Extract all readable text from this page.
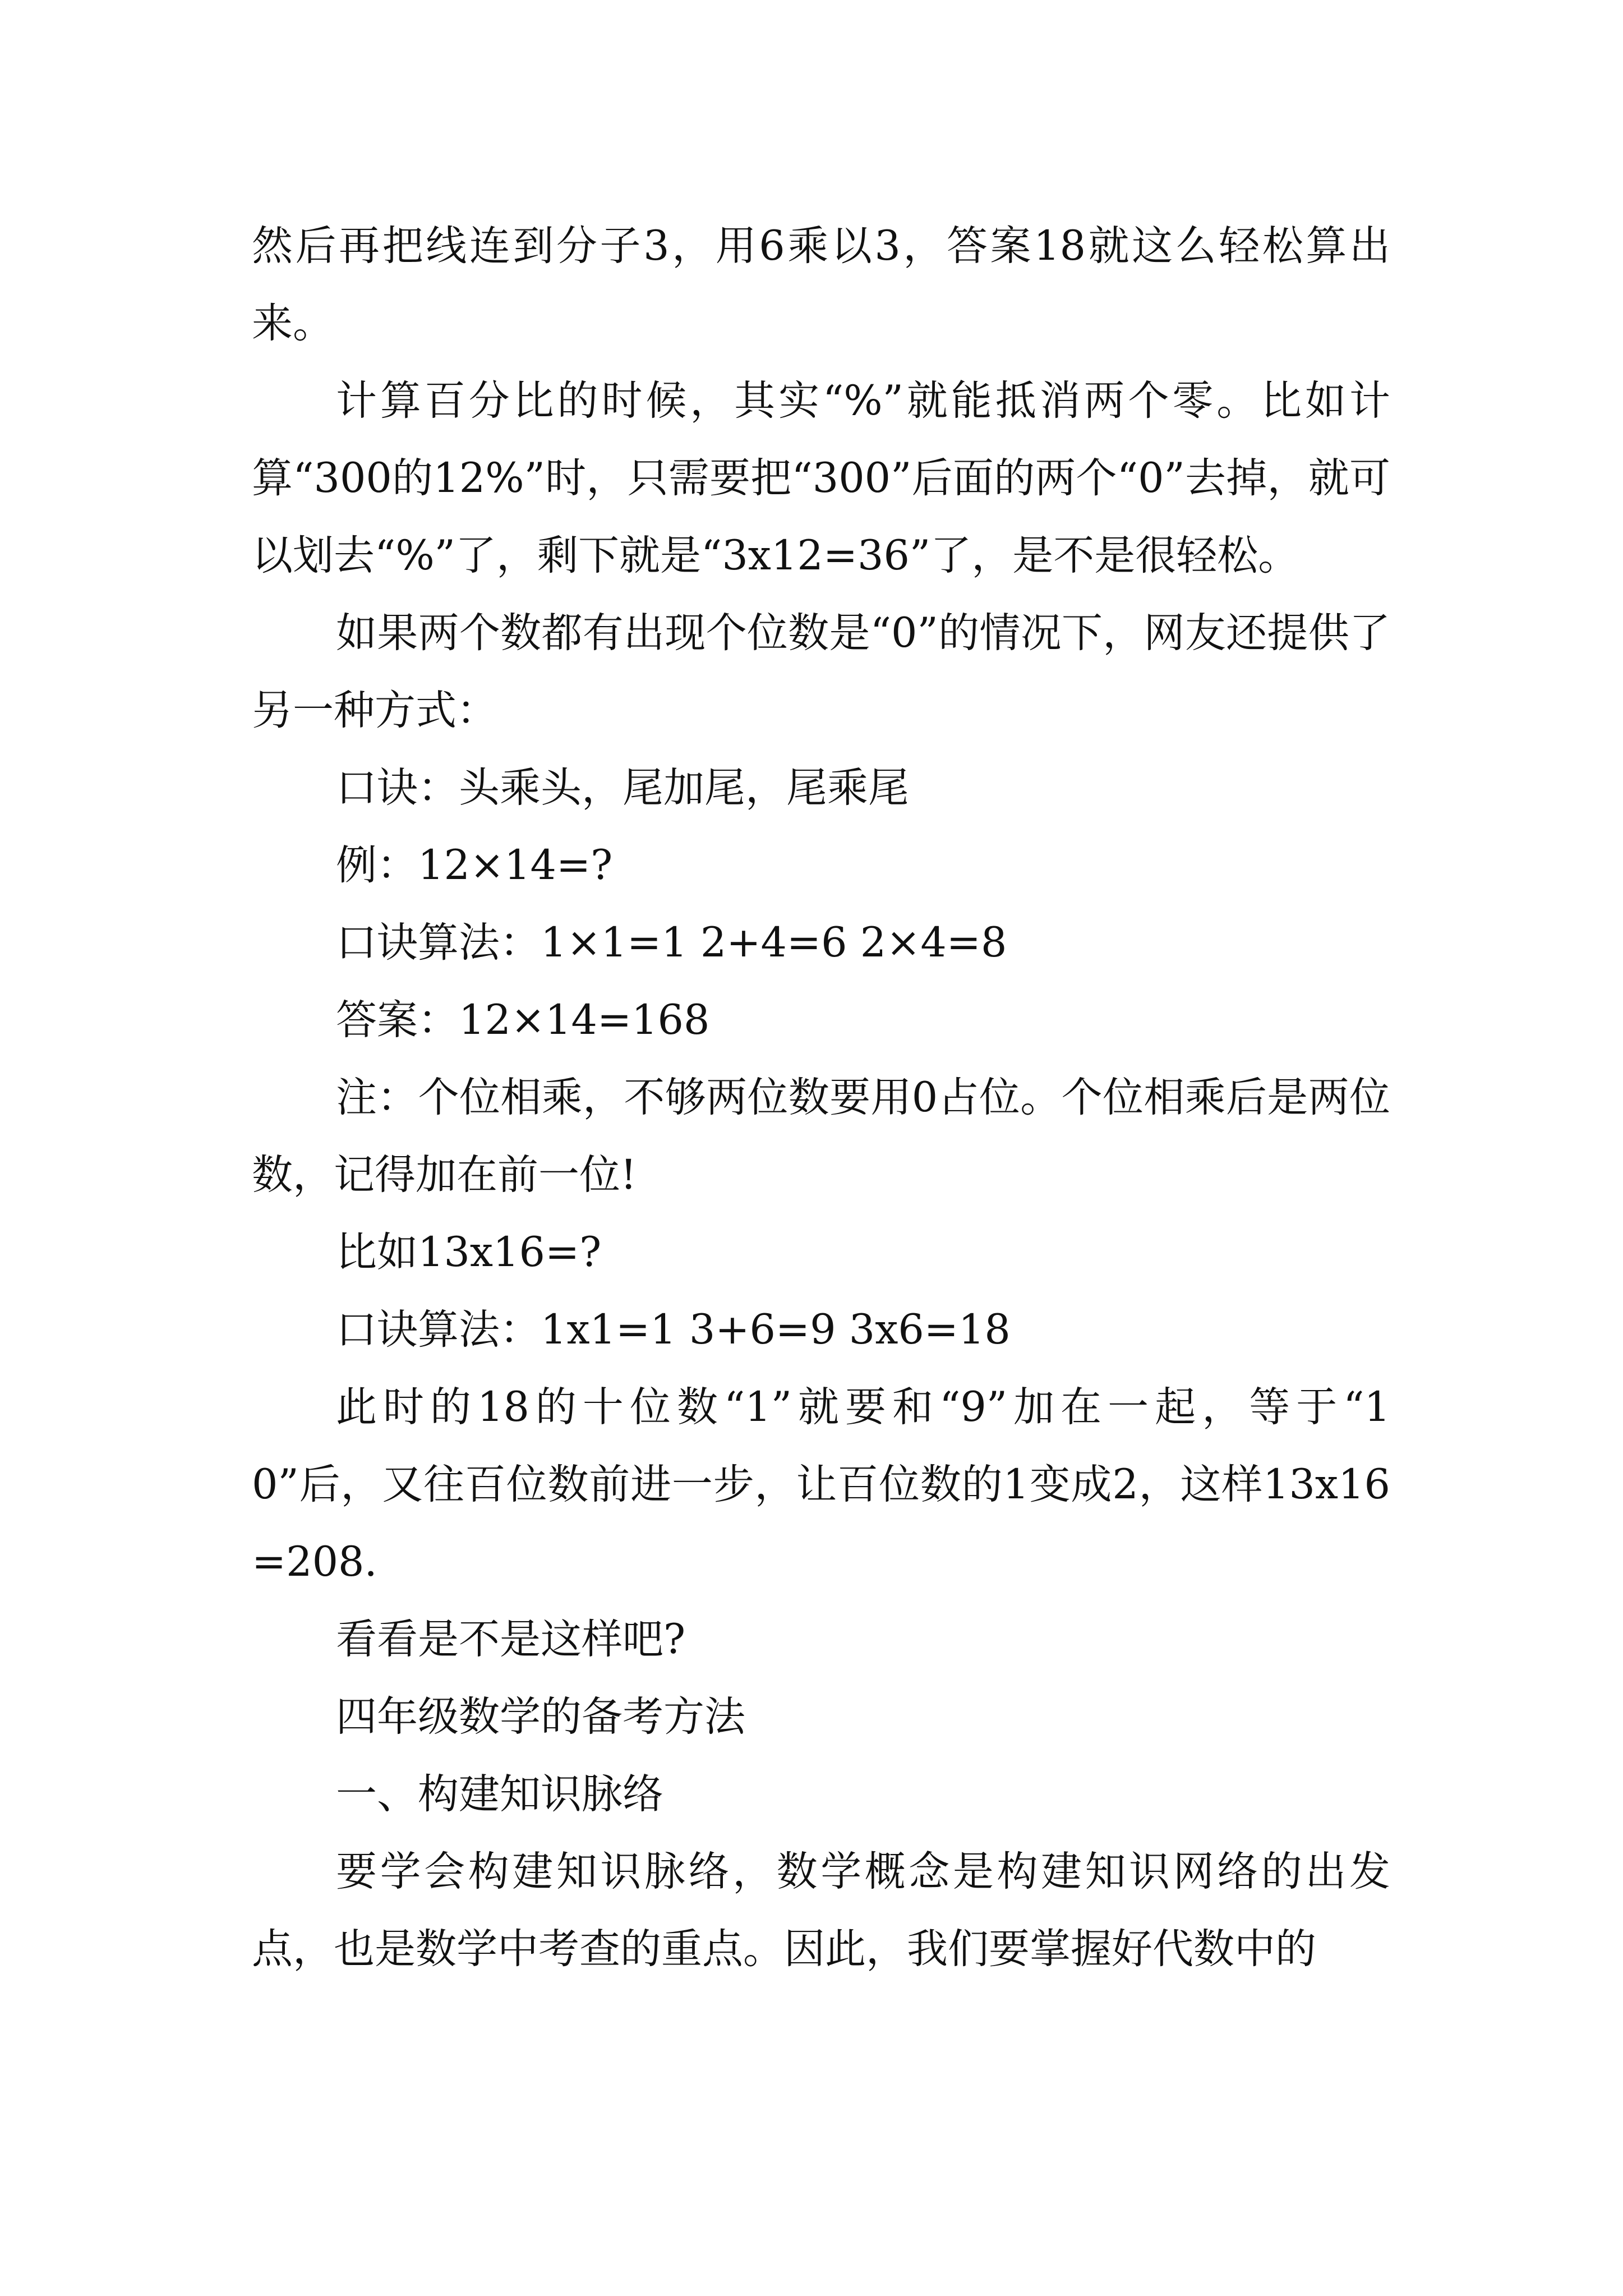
然后再把线连到分子3，用6乘以3，答案18就这么轻松算出来。

计算百分比的时候，其实“%”就能抵消两个零。比如计算“300的12%”时，只需要把“300”后面的两个“0”去掉，就可以划去“%”了，剩下就是“3x12=36”了，是不是很轻松。

如果两个数都有出现个位数是“0”的情况下，网友还提供了另一种方式：

口诀：头乘头，尾加尾，尾乘尾

例：12×14=?

口诀算法：1×1=1 2+4=6 2×4=8

答案：12×14=168

注：个位相乘，不够两位数要用0占位。个位相乘后是两位数，记得加在前一位!

比如13x16=?

口诀算法：1x1=1 3+6=9 3x6=18

此时的18的十位数“1”就要和“9”加在一起，等于“10”后，又往百位数前进一步，让百位数的1变成2，这样13x16=208.

看看是不是这样吧?

四年级数学的备考方法

一、构建知识脉络

要学会构建知识脉络，数学概念是构建知识网络的出发点，也是数学中考查的重点。因此，我们要掌握好代数中的
